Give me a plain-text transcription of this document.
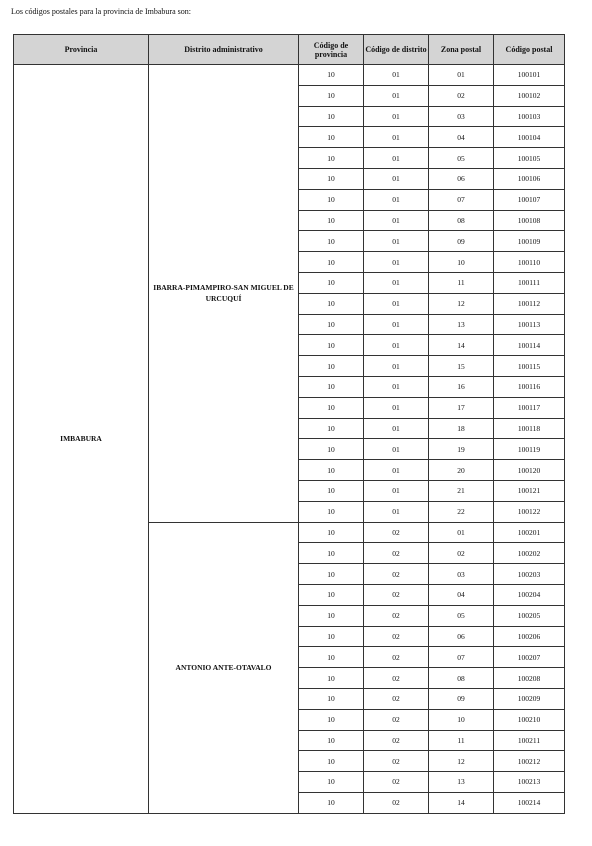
Los códigos postales para la provincia de Imbabura son:
Provincia	Distrito administrativo	Código de provincia	Código de distrito	Zona postal	Código postal
IMBABURA	IBARRA-PIMAMPIRO-SAN MIGUEL DE URCUQUÍ	10	01	01	100101
		10	01	02	100102
		10	01	03	100103
		10	01	04	100104
		10	01	05	100105
		10	01	06	100106
		10	01	07	100107
		10	01	08	100108
		10	01	09	100109
		10	01	10	100110
		10	01	11	100111
		10	01	12	100112
		10	01	13	100113
		10	01	14	100114
		10	01	15	100115
		10	01	16	100116
		10	01	17	100117
		10	01	18	100118
		10	01	19	100119
		10	01	20	100120
		10	01	21	100121
		10	01	22	100122
	ANTONIO ANTE-OTAVALO	10	02	01	100201
		10	02	02	100202
		10	02	03	100203
		10	02	04	100204
		10	02	05	100205
		10	02	06	100206
		10	02	07	100207
		10	02	08	100208
		10	02	09	100209
		10	02	10	100210
		10	02	11	100211
		10	02	12	100212
		10	02	13	100213
		10	02	14	100214
